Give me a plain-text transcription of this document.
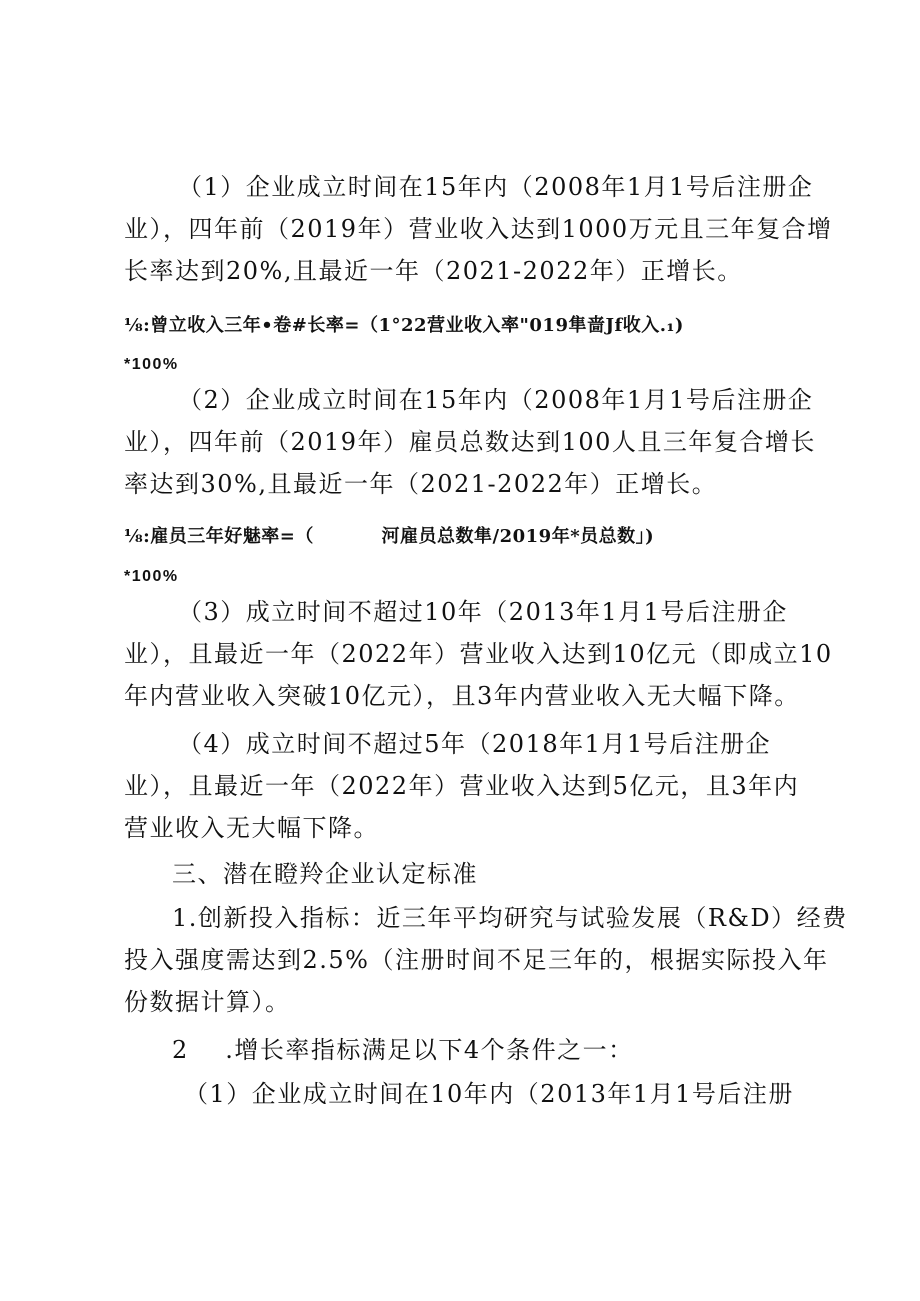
（1）企业成立时间在15年内（2008年1月1号后注册企
业），四年前（2019年）营业收入达到1000万元且三年复合增
长率达到20%,且最近一年（2021-2022年）正增长。
⅛:曾立收入三年•卷#长率=（1°22营业收入率"019隼啬Jf收入.₁)
*100%
（2）企业成立时间在15年内（2008年1月1号后注册企
业），四年前（2019年）雇员总数达到100人且三年复合增长
率达到30%,且最近一年（2021-2022年）正增长。
⅛:雇员三年好魅率=（          河雇员总数隼/2019年*员总数」)
*100%
（3）成立时间不超过10年（2013年1月1号后注册企
业），且最近一年（2022年）营业收入达到10亿元（即成立10
年内营业收入突破10亿元），且3年内营业收入无大幅下降。
（4）成立时间不超过5年（2018年1月1号后注册企
业），且最近一年（2022年）营业收入达到5亿元，且3年内
营业收入无大幅下降。
三、潜在瞪羚企业认定标准
1.创新投入指标：近三年平均研究与试验发展（R&D）经费
投入强度需达到2.5%（注册时间不足三年的，根据实际投入年
份数据计算）。
2    .增长率指标满足以下4个条件之一：
（1）企业成立时间在10年内（2013年1月1号后注册
